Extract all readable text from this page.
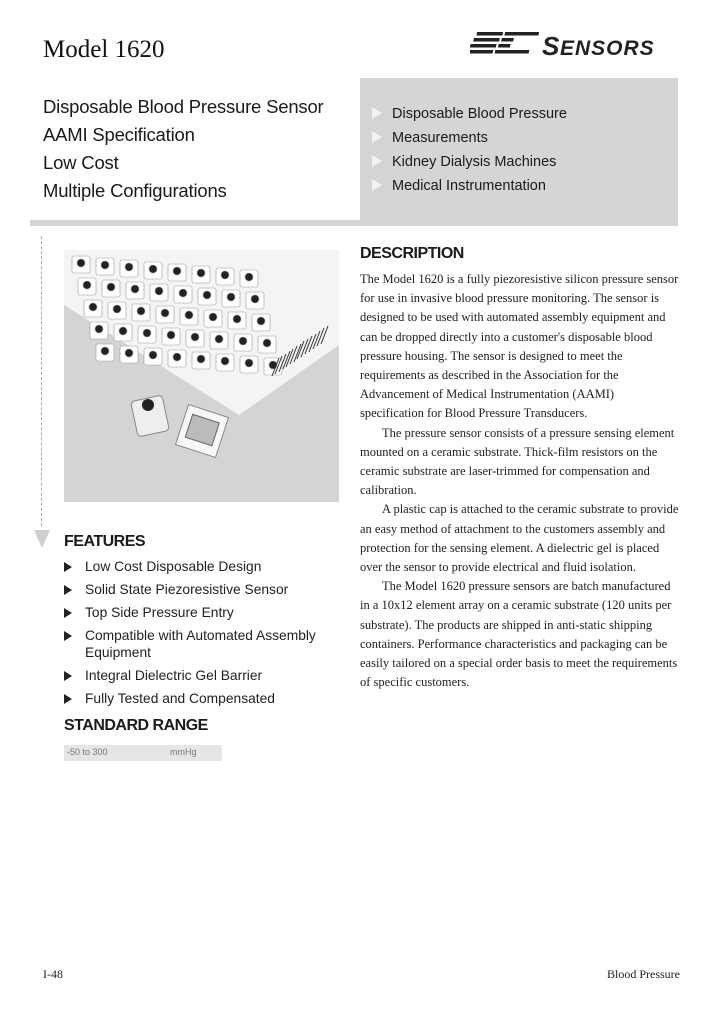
Model 1620	S ENSORS
Disposable Blood Pressure Sensor
AAMI Specification
Low Cost
Multiple Configurations
Disposable Blood Pressure
Measurements
Kidney Dialysis Machines
Medical Instrumentation
DESCRIPTION

The Model 1620 is a fully piezoresistive silicon pressure sensor for use in invasive blood pressure monitoring. The sensor is designed to be used with automated assembly equipment and can be dropped directly into a customer's disposable blood pressure housing. The sensor is designed to meet the requirements as described in the Association for the Advancement of Medical Instrumentation (AAMI) specification for Blood Pressure Transducers.

The pressure sensor consists of a pressure sensing element mounted on a ceramic substrate. Thick-film resistors on the ceramic substrate are laser-trimmed for compensation and calibration.

A plastic cap is attached to the ceramic substrate to provide an easy method of attachment to the customers assembly and protection for the sensing element. A dielectric gel is placed over the sensor to provide electrical and fluid isolation.

The Model 1620 pressure sensors are batch manufactured in a 10x12 element array on a ceramic substrate (120 units per substrate). The products are shipped in anti-static shipping containers. Performance characteristics and packaging can be easily tailored on a special order basis to meet the requirements of specific customers.

FEATURES
Low Cost Disposable Design
Solid State Piezoresistive Sensor
Top Side Pressure Entry
Compatible with Automated Assembly Equipment
Integral Dielectric Gel Barrier
Fully Tested and Compensated
STANDARD RANGE
-50 to 300	mmHg
I-48	Blood Pressure
